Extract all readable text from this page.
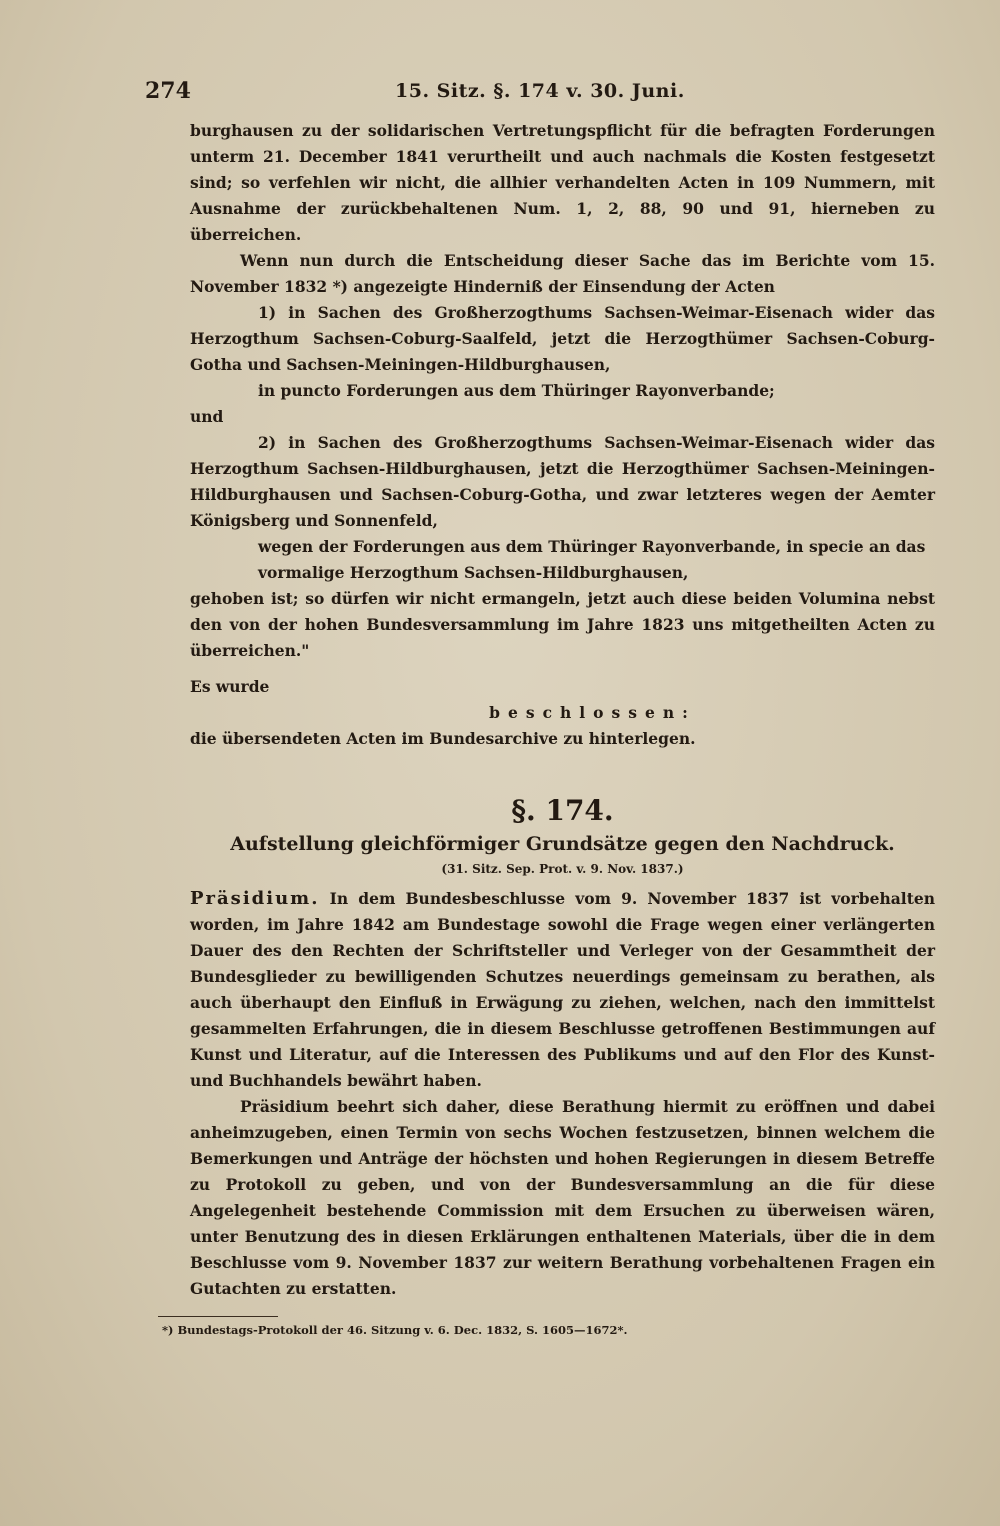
274	15. Sitz. §. 174 v. 30. Juni.

burghausen zu der solidarischen Vertretungspflicht für die befragten Forderungen unterm 21. December 1841 verurtheilt und auch nachmals die Kosten festgesetzt sind; so verfehlen wir nicht, die allhier verhandelten Acten in 109 Nummern, mit Ausnahme der zurückbehaltenen Num. 1, 2, 88, 90 und 91, hierneben zu überreichen.

Wenn nun durch die Entscheidung dieser Sache das im Berichte vom 15. November 1832 *) angezeigte Hinderniß der Einsendung der Acten

1) in Sachen des Großherzogthums Sachsen-Weimar-Eisenach wider das Herzogthum Sachsen-Coburg-Saalfeld, jetzt die Herzogthümer Sachsen-Coburg-Gotha und Sachsen-Meiningen-Hildburghausen,

in puncto Forderungen aus dem Thüringer Rayonverbande;

und

2) in Sachen des Großherzogthums Sachsen-Weimar-Eisenach wider das Herzogthum Sachsen-Hildburghausen, jetzt die Herzogthümer Sachsen-Meiningen-Hildburghausen und Sachsen-Coburg-Gotha, und zwar letzteres wegen der Aemter Königsberg und Sonnenfeld,

wegen der Forderungen aus dem Thüringer Rayonverbande, in specie an das vormalige Herzogthum Sachsen-Hildburghausen,

gehoben ist; so dürfen wir nicht ermangeln, jetzt auch diese beiden Volumina nebst den von der hohen Bundesversammlung im Jahre 1823 uns mitgetheilten Acten zu überreichen."

Es wurde

beschlossen:

die übersendeten Acten im Bundesarchive zu hinterlegen.

§. 174.

Aufstellung gleichförmiger Grundsätze gegen den Nachdruck.

(31. Sitz. Sep. Prot. v. 9. Nov. 1837.)

Präsidium. In dem Bundesbeschlusse vom 9. November 1837 ist vorbehalten worden, im Jahre 1842 am Bundestage sowohl die Frage wegen einer verlängerten Dauer des den Rechten der Schriftsteller und Verleger von der Gesammtheit der Bundesglieder zu bewilligenden Schutzes neuerdings gemeinsam zu berathen, als auch überhaupt den Einfluß in Erwägung zu ziehen, welchen, nach den immittelst gesammelten Erfahrungen, die in diesem Beschlusse getroffenen Bestimmungen auf Kunst und Literatur, auf die Interessen des Publikums und auf den Flor des Kunst- und Buchhandels bewährt haben.

Präsidium beehrt sich daher, diese Berathung hiermit zu eröffnen und dabei anheimzugeben, einen Termin von sechs Wochen festzusetzen, binnen welchem die Bemerkungen und Anträge der höchsten und hohen Regierungen in diesem Betreffe zu Protokoll zu geben, und von der Bundesversammlung an die für diese Angelegenheit bestehende Commission mit dem Ersuchen zu überweisen wären, unter Benutzung des in diesen Erklärungen enthaltenen Materials, über die in dem Beschlusse vom 9. November 1837 zur weitern Berathung vorbehaltenen Fragen ein Gutachten zu erstatten.

*) Bundestags-Protokoll der 46. Sitzung v. 6. Dec. 1832, S. 1605—1672*.
